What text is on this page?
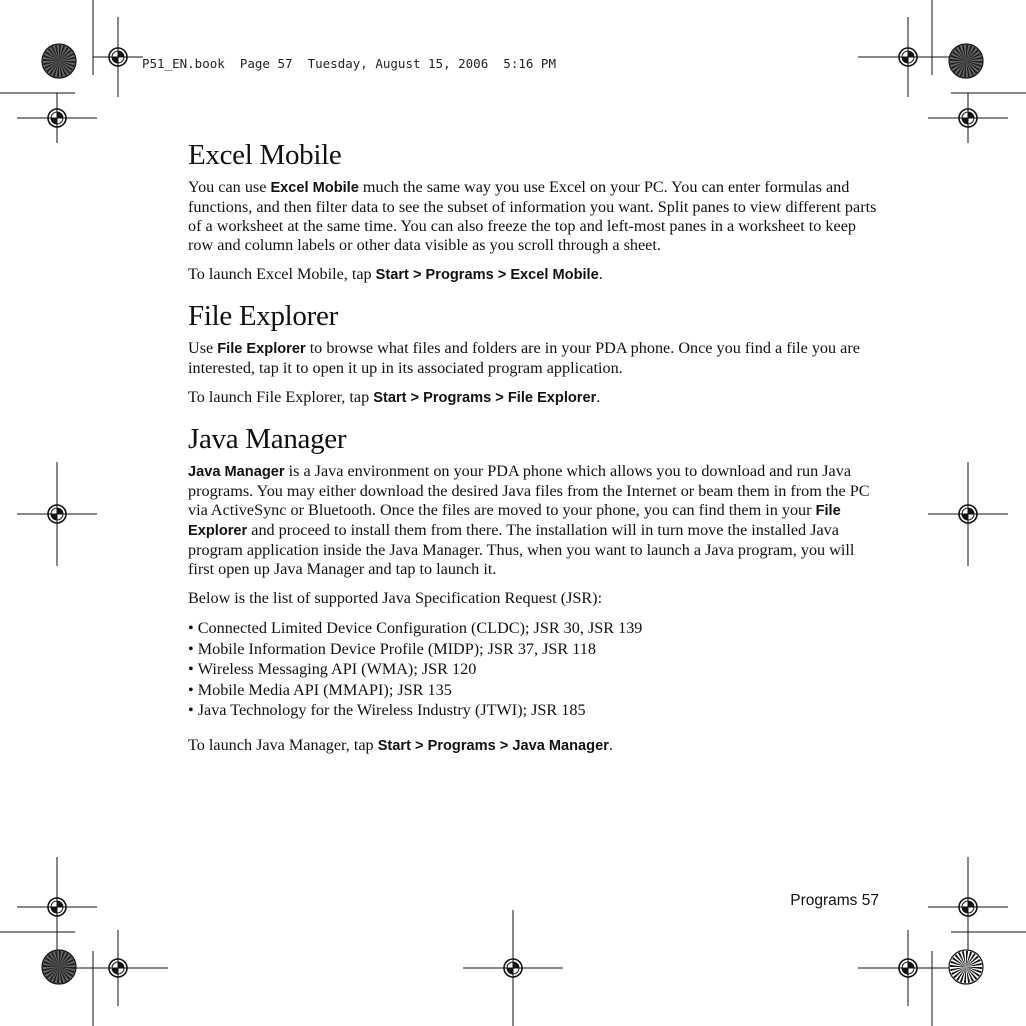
P51_EN.book Page 57 Tuesday, August 15, 2006 5:16 PM
Excel Mobile

You can use Excel Mobile much the same way you use Excel on your PC. You can enter formulas and functions, and then filter data to see the subset of information you want. Split panes to view different parts of a worksheet at the same time. You can also freeze the top and left-most panes in a worksheet to keep row and column labels or other data visible as you scroll through a sheet.

To launch Excel Mobile, tap Start > Programs > Excel Mobile.

File Explorer

Use File Explorer to browse what files and folders are in your PDA phone. Once you find a file you are interested, tap it to open it up in its associated program application.

To launch File Explorer, tap Start > Programs > File Explorer.

Java Manager

Java Manager is a Java environment on your PDA phone which allows you to download and run Java programs. You may either download the desired Java files from the Internet or beam them in from the PC via ActiveSync or Bluetooth. Once the files are moved to your phone, you can find them in your File Explorer and proceed to install them from there. The installation will in turn move the installed Java program application inside the Java Manager. Thus, when you want to launch a Java program, you will first open up Java Manager and tap to launch it.

Below is the list of supported Java Specification Request (JSR):

• Connected Limited Device Configuration (CLDC); JSR 30, JSR 139
• Mobile Information Device Profile (MIDP); JSR 37, JSR 118
• Wireless Messaging API (WMA); JSR 120
• Mobile Media API (MMAPI); JSR 135
• Java Technology for the Wireless Industry (JTWI); JSR 185

To launch Java Manager, tap Start > Programs > Java Manager.

Programs 57
